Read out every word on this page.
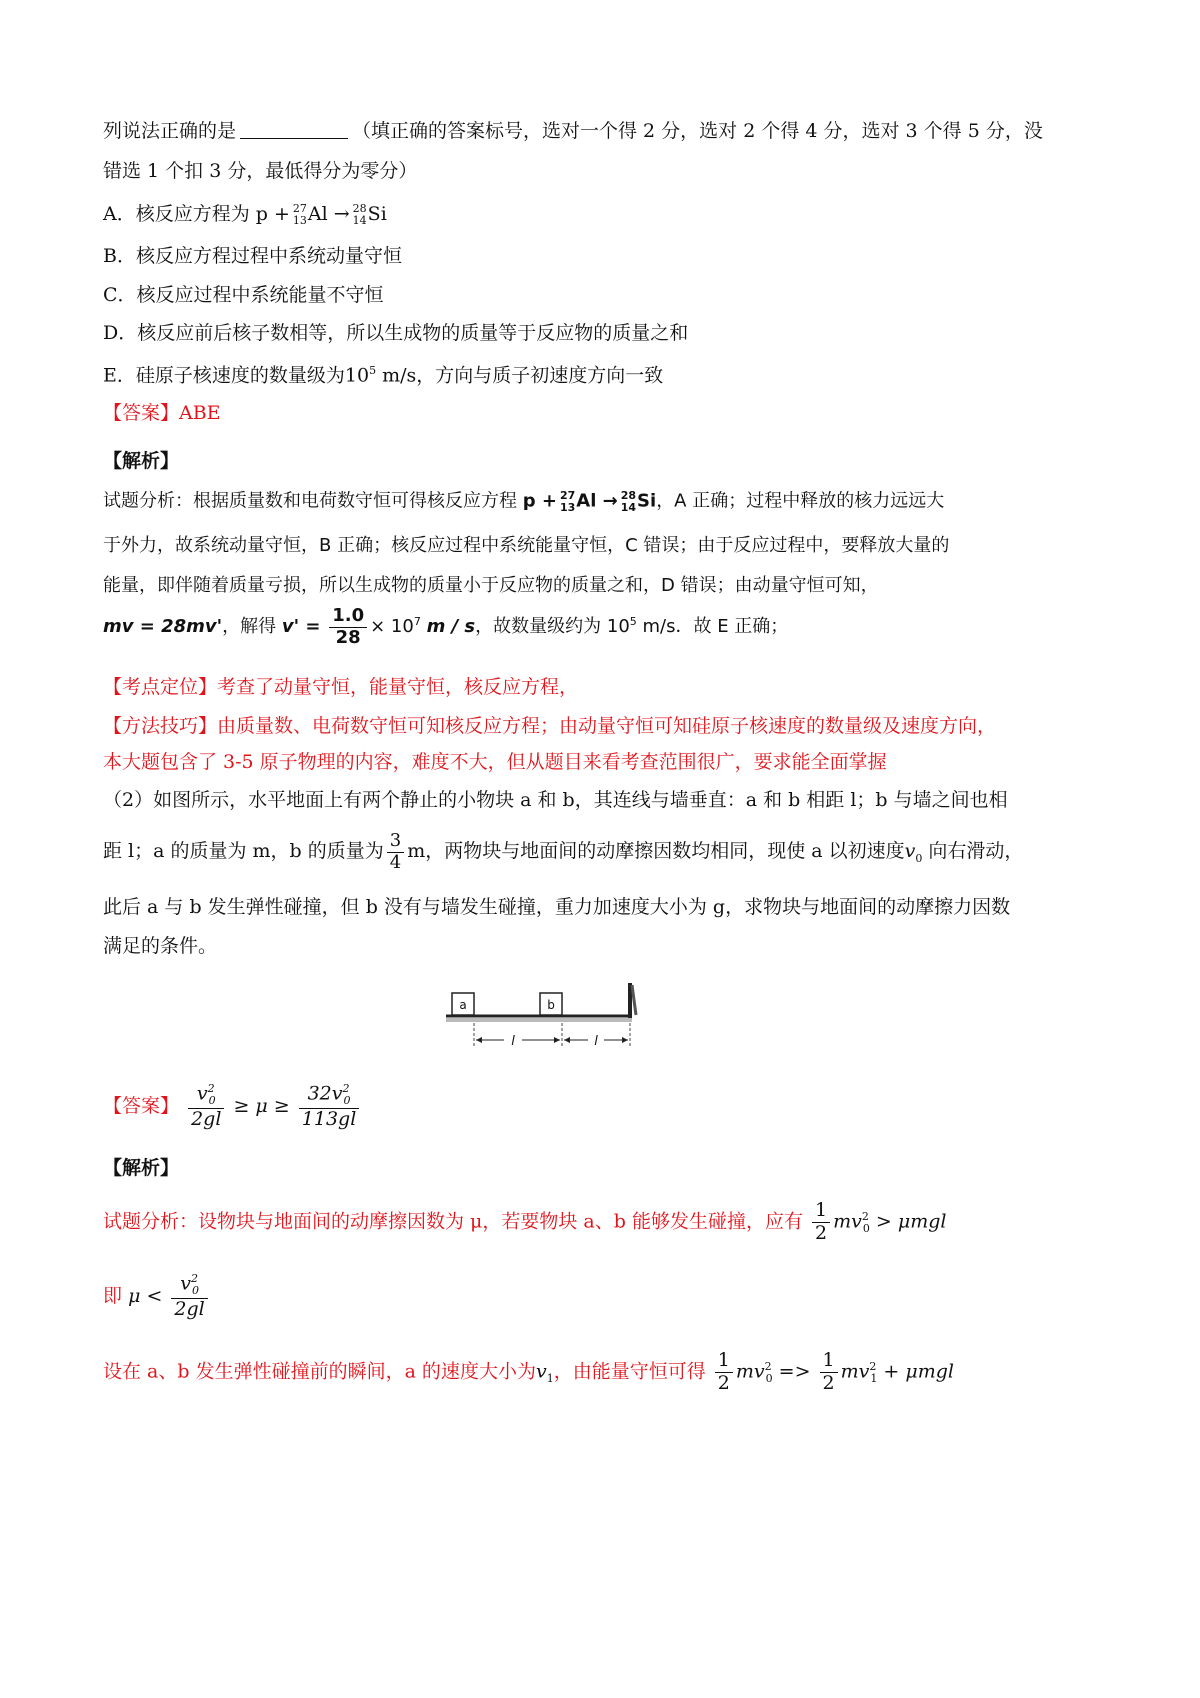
列说法正确的是	（填正确的答案标号，选对一个得 2 分，选对 2 个得 4 分，选对 3 个得 5 分，没
错选 1 个扣 3 分，最低得分为零分）
A．核反应方程为 p + 27
13 Al → 28
14 Si
B．核反应方程过程中系统动量守恒
C．核反应过程中系统能量不守恒
D．核反应前后核子数相等，所以生成物的质量等于反应物的质量之和
E．硅原子核速度的数量级为$10^5$ m/s，方向与质子初速度方向一致
【答案】ABE
【解析】
试题分析：根据质量数和电荷数守恒可得核反应方程 p + 27
13 Al → 28
14 Si，A 正确；过程中释放的核力远远大
于外力，故系统动量守恒，B 正确；核反应过程中系统能量守恒，C 错误；由于反应过程中，要释放大量的
能量，即伴随着质量亏损，所以生成物的质量小于反应物的质量之和，D 错误；由动量守恒可知，
mv = 28mv'，解得 $v' = \frac{1.0}{28} \times 10^7$ m / s，故数量级约为 $10^5$ m/s．故 E 正确；
【考点定位】考查了动量守恒，能量守恒，核反应方程，
【方法技巧】由质量数、电荷数守恒可知核反应方程；由动量守恒可知硅原子核速度的数量级及速度方向，
本大题包含了 3-5 原子物理的内容，难度不大，但从题目来看考查范围很广，要求能全面掌握
（2）如图所示，水平地面上有两个静止的小物块 a 和 b，其连线与墙垂直：a 和 b 相距 l；b 与墙之间也相
距 l；a 的质量为 m，b 的质量为 $\frac{3}{4}$ m，两物块与地面间的动摩擦因数均相同，现使 a 以初速度$v_0$ 向右滑动，
此后 a 与 b 发生弹性碰撞，但 b 没有与墙发生碰撞，重力加速度大小为 g，求物块与地面间的动摩擦力因数
满足的条件。
a	b
l	l
【答案】 $\frac{v^2_0}{2gl} \ge \mu \ge \frac{32v^2_0}{113gl}$
【解析】
试题分析：设物块与地面间的动摩擦因数为 μ，若要物块 a、b 能够发生碰撞，应有 $\frac{1}{2} mv^2_0 > \mu mgl$
即 $\mu < \frac{v^2_0}{2gl}$
设在 a、b 发生弹性碰撞前的瞬间，a 的速度大小为$v_1$，由能量守恒可得 $\frac{1}{2} mv^2_0 => \frac{1}{2} mv^2_1 + \mu mgl$
